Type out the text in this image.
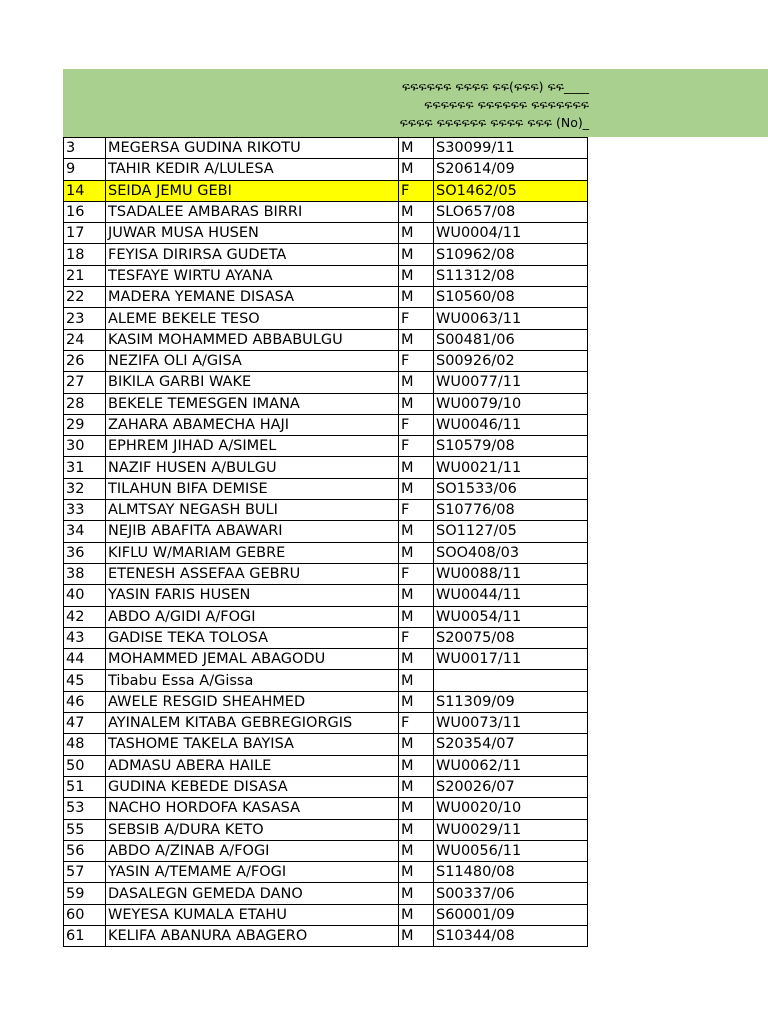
ፍፍፍፍፍፍ ፍፍፍፍ ፍፍ(ፍፍፍ) ፍፍ____
ፍፍፍፍፍፍ ፍፍፍፍፍፍ ፍፍፍፍፍፍፍ
ፍፍፍፍ ፍፍፍፍፍፍ ፍፍፍፍ ፍፍፍ (No)_
3	MEGERSA GUDINA RIKOTU	M	S30099/11
9	TAHIR KEDIR A/LULESA	M	S20614/09
14	SEIDA JEMU GEBI	F	SO1462/05
16	TSADALEE AMBARAS BIRRI	M	SLO657/08
17	JUWAR MUSA HUSEN	M	WU0004/11
18	FEYISA DIRIRSA GUDETA	M	S10962/08
21	TESFAYE WIRTU AYANA	M	S11312/08
22	MADERA YEMANE DISASA	M	S10560/08
23	ALEME BEKELE TESO	F	WU0063/11
24	KASIM MOHAMMED ABBABULGU	M	S00481/06
26	NEZIFA OLI A/GISA	F	S00926/02
27	BIKILA GARBI WAKE	M	WU0077/11
28	BEKELE TEMESGEN IMANA	M	WU0079/10
29	ZAHARA ABAMECHA HAJI	F	WU0046/11
30	EPHREM JIHAD A/SIMEL	F	S10579/08
31	NAZIF HUSEN A/BULGU	M	WU0021/11
32	TILAHUN BIFA DEMISE	M	SO1533/06
33	ALMTSAY NEGASH BULI	F	S10776/08
34	NEJIB ABAFITA ABAWARI	M	SO1127/05
36	KIFLU W/MARIAM GEBRE	M	SOO408/03
38	ETENESH ASSEFAA GEBRU	F	WU0088/11
40	YASIN FARIS HUSEN	M	WU0044/11
42	ABDO A/GIDI A/FOGI	M	WU0054/11
43	GADISE TEKA TOLOSA	F	S20075/08
44	MOHAMMED JEMAL ABAGODU	M	WU0017/11
45	Tibabu Essa A/Gissa	M	
46	AWELE RESGID SHEAHMED	M	S11309/09
47	AYINALEM KITABA GEBREGIORGIS	F	WU0073/11
48	TASHOME TAKELA BAYISA	M	S20354/07
50	ADMASU ABERA HAILE	M	WU0062/11
51	GUDINA KEBEDE DISASA	M	S20026/07
53	NACHO HORDOFA KASASA	M	WU0020/10
55	SEBSIB A/DURA KETO	M	WU0029/11
56	ABDO A/ZINAB A/FOGI	M	WU0056/11
57	YASIN A/TEMAME A/FOGI	M	S11480/08
59	DASALEGN GEMEDA DANO	M	S00337/06
60	WEYESA KUMALA ETAHU	M	S60001/09
61	KELIFA ABANURA ABAGERO	M	S10344/08
